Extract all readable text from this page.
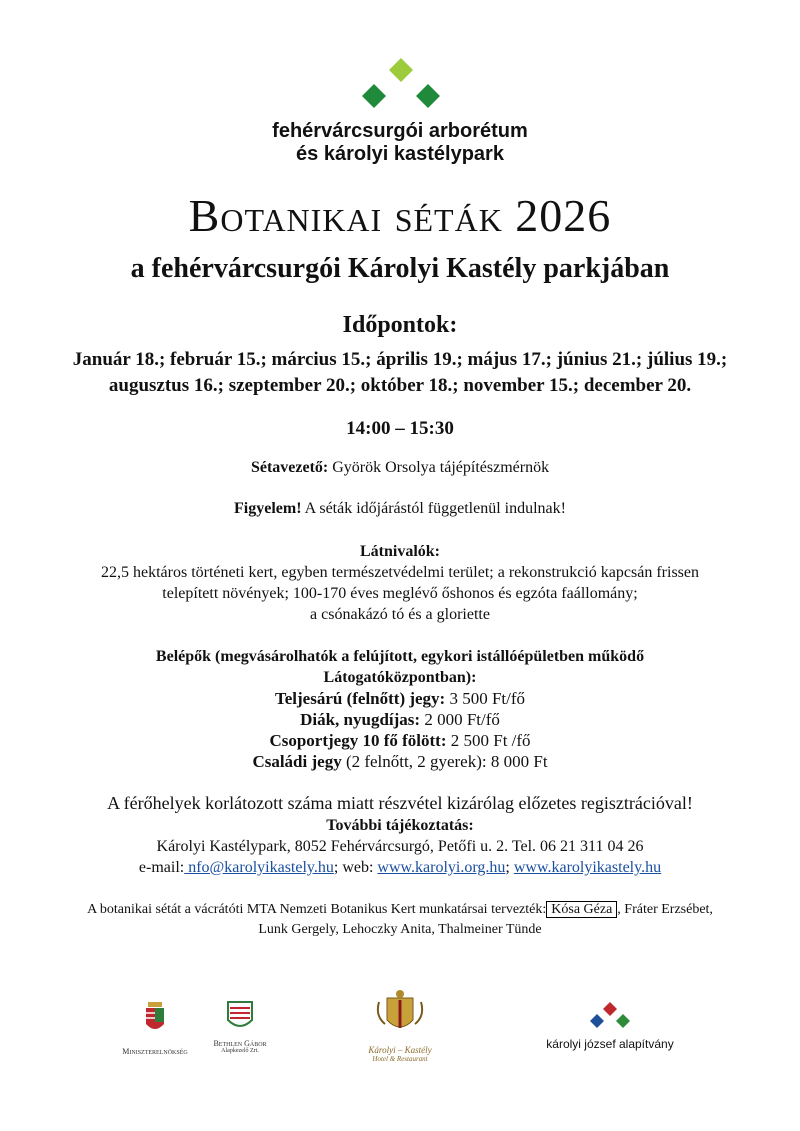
fehérvárcsurgói arborétum
és károlyi kastélypark
Botanikai séták 2026
a fehérvárcsurgói Károlyi Kastély parkjában
Időpontok:
Január 18.; február 15.; március 15.; április 19.; május 17.; június 21.; július 19.; augusztus 16.; szeptember 20.; október 18.; november 15.; december 20.
14:00 – 15:30
Sétavezető: Györök Orsolya tájépítészmérnök
Figyelem! A séták időjárástól függetlenül indulnak!
Látnivalók:
22,5 hektáros történeti kert, egyben természetvédelmi terület; a rekonstrukció kapcsán frissen
telepített növények; 100-170 éves meglévő őshonos és egzóta faállomány;
a csónakázó tó és a gloriette
Belépők (megvásárolhatók a felújított, egykori istállóépületben működő
Látogatóközpontban):
Teljesárú (felnőtt) jegy: 3 500 Ft/fő
Diák, nyugdíjas: 2 000 Ft/fő
Csoportjegy 10 fő fölött: 2 500 Ft /fő
Családi jegy (2 felnőtt, 2 gyerek): 8 000 Ft
A férőhelyek korlátozott száma miatt részvétel kizárólag előzetes regisztrációval!
További tájékoztatás:
Károlyi Kastélypark, 8052 Fehérvárcsurgó, Petőfi u. 2. Tel. 06 21 311 04 26
e-mail: nfo@karolyikastely.hu; web: www.karolyi.org.hu; www.karolyikastely.hu
A botanikai sétát a vácrátóti MTA Nemzeti Botanikus Kert munkatársai tervezték: Kósa Géza , Fráter Erzsébet,
Lunk Gergely, Lehoczky Anita, Thalmeiner Tünde
Miniszterelnökség
Bethlen Gábor
Alapkezelő Zrt.	Károlyi – Kastély
Hotel & Restaurant
károlyi józsef alapítvány
